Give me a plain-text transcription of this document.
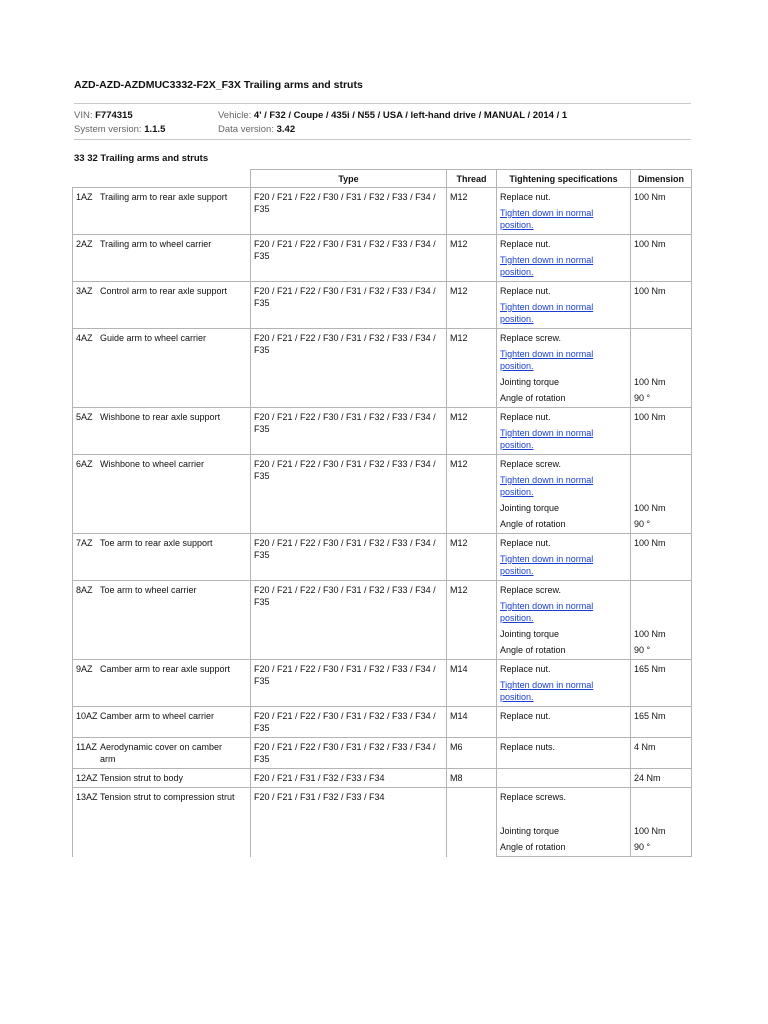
AZD-AZD-AZDMUC3332-F2X_F3X Trailing arms and struts
VIN: F774315	Vehicle: 4' / F32 / Coupe / 435i / N55 / USA / left-hand drive / MANUAL / 2014 / 1
System version: 1.1.5	Data version: 3.42
33 32 Trailing arms and struts
	Type	Thread	Tightening specifications	Dimension
1AZ Trailing arm to rear axle support	F20 / F21 / F22 / F30 / F31 / F32 / F33 / F34 / F35	M12	Replace nut.	100 Nm
			Tighten down in normal position.	
2AZ Trailing arm to wheel carrier	F20 / F21 / F22 / F30 / F31 / F32 / F33 / F34 / F35	M12	Replace nut.	100 Nm
			Tighten down in normal position.	
3AZ Control arm to rear axle support	F20 / F21 / F22 / F30 / F31 / F32 / F33 / F34 / F35	M12	Replace nut.	100 Nm
			Tighten down in normal position.	
4AZ Guide arm to wheel carrier	F20 / F21 / F22 / F30 / F31 / F32 / F33 / F34 / F35	M12	Replace screw.	
			Tighten down in normal position.	
			Jointing torque	100 Nm
			Angle of rotation	90 °
5AZ Wishbone to rear axle support	F20 / F21 / F22 / F30 / F31 / F32 / F33 / F34 / F35	M12	Replace nut.	100 Nm
			Tighten down in normal position.	
6AZ Wishbone to wheel carrier	F20 / F21 / F22 / F30 / F31 / F32 / F33 / F34 / F35	M12	Replace screw.	
			Tighten down in normal position.	
			Jointing torque	100 Nm
			Angle of rotation	90 °
7AZ Toe arm to rear axle support	F20 / F21 / F22 / F30 / F31 / F32 / F33 / F34 / F35	M12	Replace nut.	100 Nm
			Tighten down in normal position.	
8AZ Toe arm to wheel carrier	F20 / F21 / F22 / F30 / F31 / F32 / F33 / F34 / F35	M12	Replace screw.	
			Tighten down in normal position.	
			Jointing torque	100 Nm
			Angle of rotation	90 °
9AZ Camber arm to rear axle support	F20 / F21 / F22 / F30 / F31 / F32 / F33 / F34 / F35	M14	Replace nut.	165 Nm
			Tighten down in normal position.	
10AZ Camber arm to wheel carrier	F20 / F21 / F22 / F30 / F31 / F32 / F33 / F34 / F35	M14	Replace nut.	165 Nm
11AZ Aerodynamic cover on camber arm	F20 / F21 / F22 / F30 / F31 / F32 / F33 / F34 / F35	M6	Replace nuts.	4 Nm
12AZ Tension strut to body	F20 / F21 / F31 / F32 / F33 / F34	M8		24 Nm
13AZ Tension strut to compression strut	F20 / F21 / F31 / F32 / F33 / F34		Replace screws.	
			Jointing torque	100 Nm
			Angle of rotation	90 °
